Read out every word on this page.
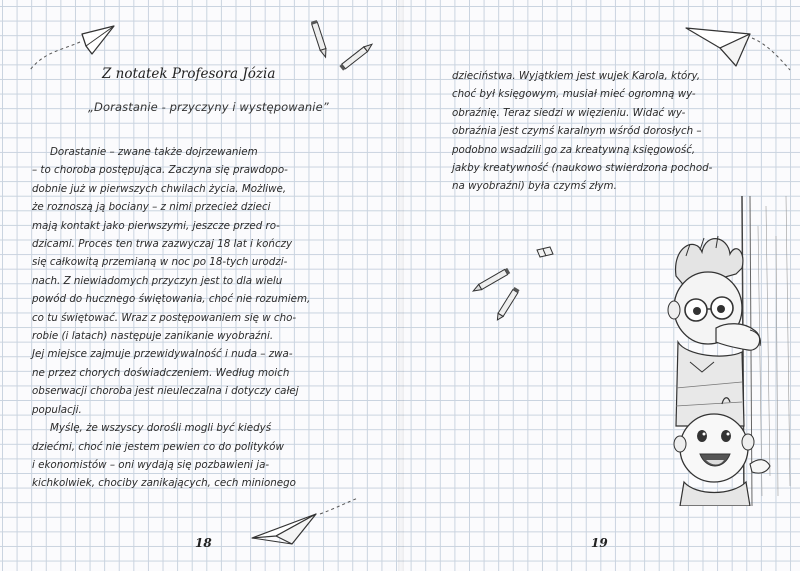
Z notatek Profesora Józia
„Dorastanie - przyczyny i występowanie”

Dorastanie – zwane także dojrzewaniem

– to choroba postępująca. Zaczyna się prawdopo-

dobnie już w pierwszych chwilach życia. Możliwe,

że roznoszą ją bociany – z nimi przecież dzieci

mają kontakt jako pierwszymi, jeszcze przed ro-

dzicami. Proces ten trwa zazwyczaj 18 lat i kończy

się całkowitą przemianą w noc po 18-tych urodzi-

nach. Z niewiadomych przyczyn jest to dla wielu

powód do hucznego świętowania, choć nie rozumiem,

co tu świętować. Wraz z postępowaniem się w cho-

robie (i latach) następuje zanikanie wyobraźni.

Jej miejsce zajmuje przewidywalność i nuda – zwa-

ne przez chorych doświadczeniem. Według moich

obserwacji choroba jest nieuleczalna i dotyczy całej

populacji.

Myślę, że wszyscy dorośli mogli być kiedyś

dziećmi, choć nie jestem pewien co do polityków

i ekonomistów – oni wydają się pozbawieni ja-

kichkolwiek, chociby zanikających, cech minionego

18

dzieciństwa. Wyjątkiem jest wujek Karola, który,

choć był księgowym, musiał mieć ogromną wy-

obraźnię. Teraz siedzi w więzieniu. Widać wy-

obraźnia jest czymś karalnym wśród dorosłych –

podobno wsadzili go za kreatywną księgowość,

jakby kreatywność (naukowo stwierdzona pochod-

na wyobraźni) była czymś złym.

19
